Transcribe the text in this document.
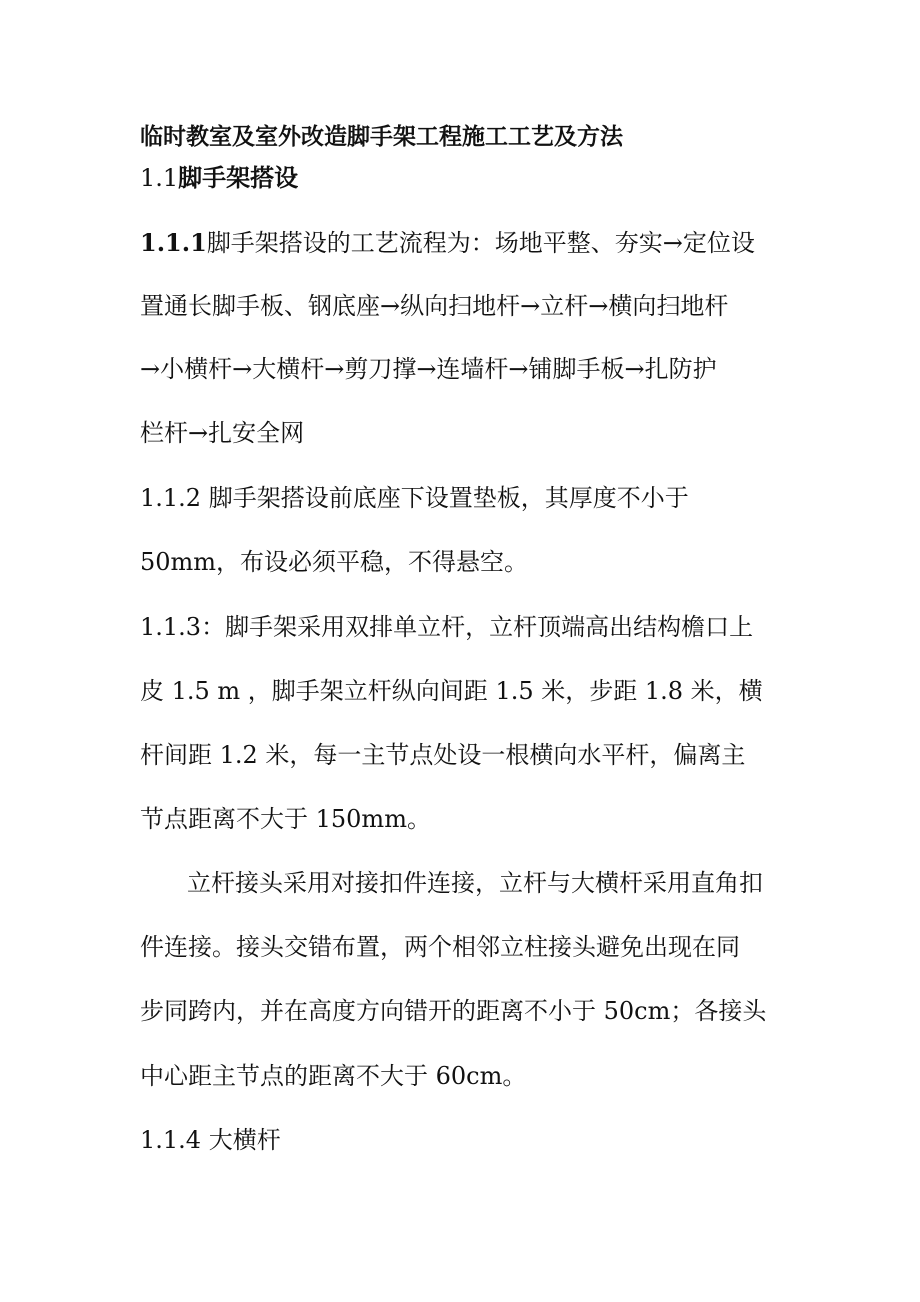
临时教室及室外改造脚手架工程施工工艺及方法
1.1脚手架搭设
1.1.1脚手架搭设的工艺流程为：场地平整、夯实→定位设
置通长脚手板、钢底座→纵向扫地杆→立杆→横向扫地杆
→小横杆→大横杆→剪刀撑→连墙杆→铺脚手板→扎防护
栏杆→扎安全网
1.1.2 脚手架搭设前底座下设置垫板，其厚度不小于
50mm，布设必须平稳，不得悬空。
1.1.3：脚手架采用双排单立杆，立杆顶端高出结构檐口上
皮 1.5 m ，脚手架立杆纵向间距 1.5 米，步距 1.8 米，横
杆间距 1.2 米，每一主节点处设一根横向水平杆，偏离主
节点距离不大于 150mm。
立杆接头采用对接扣件连接，立杆与大横杆采用直角扣
件连接。接头交错布置，两个相邻立柱接头避免出现在同
步同跨内，并在高度方向错开的距离不小于 50cm；各接头
中心距主节点的距离不大于 60cm。
1.1.4 大横杆
